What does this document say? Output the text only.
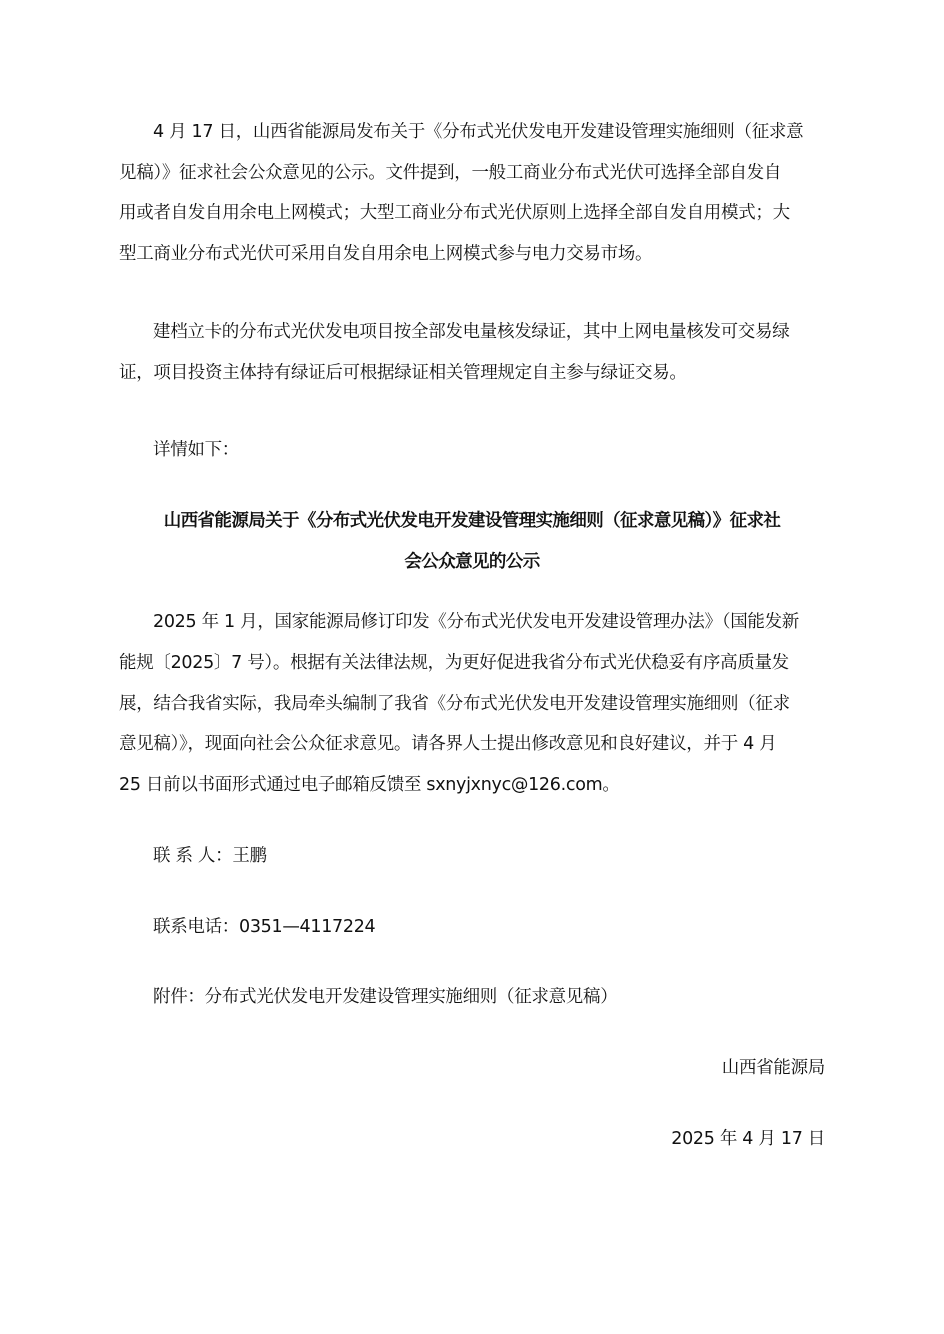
4 月 17 日，山西省能源局发布关于《分布式光伏发电开发建设管理实施细则（征求意
见稿）》征求社会公众意见的公示。文件提到，一般工商业分布式光伏可选择全部自发自
用或者自发自用余电上网模式；大型工商业分布式光伏原则上选择全部自发自用模式；大
型工商业分布式光伏可采用自发自用余电上网模式参与电力交易市场。

建档立卡的分布式光伏发电项目按全部发电量核发绿证，其中上网电量核发可交易绿
证，项目投资主体持有绿证后可根据绿证相关管理规定自主参与绿证交易。

详情如下：

山西省能源局关于《分布式光伏发电开发建设管理实施细则（征求意见稿）》征求社

会公众意见的公示

2025 年 1 月，国家能源局修订印发《分布式光伏发电开发建设管理办法》（国能发新
能规〔2025〕7 号）。根据有关法律法规，为更好促进我省分布式光伏稳妥有序高质量发
展，结合我省实际，我局牵头编制了我省《分布式光伏发电开发建设管理实施细则（征求
意见稿）》，现面向社会公众征求意见。请各界人士提出修改意见和良好建议，并于 4 月
25 日前以书面形式通过电子邮箱反馈至 sxnyjxnyc@126.com。

联 系 人：王鹏

联系电话：0351—4117224

附件：分布式光伏发电开发建设管理实施细则（征求意见稿）

山西省能源局

2025 年 4 月 17 日
